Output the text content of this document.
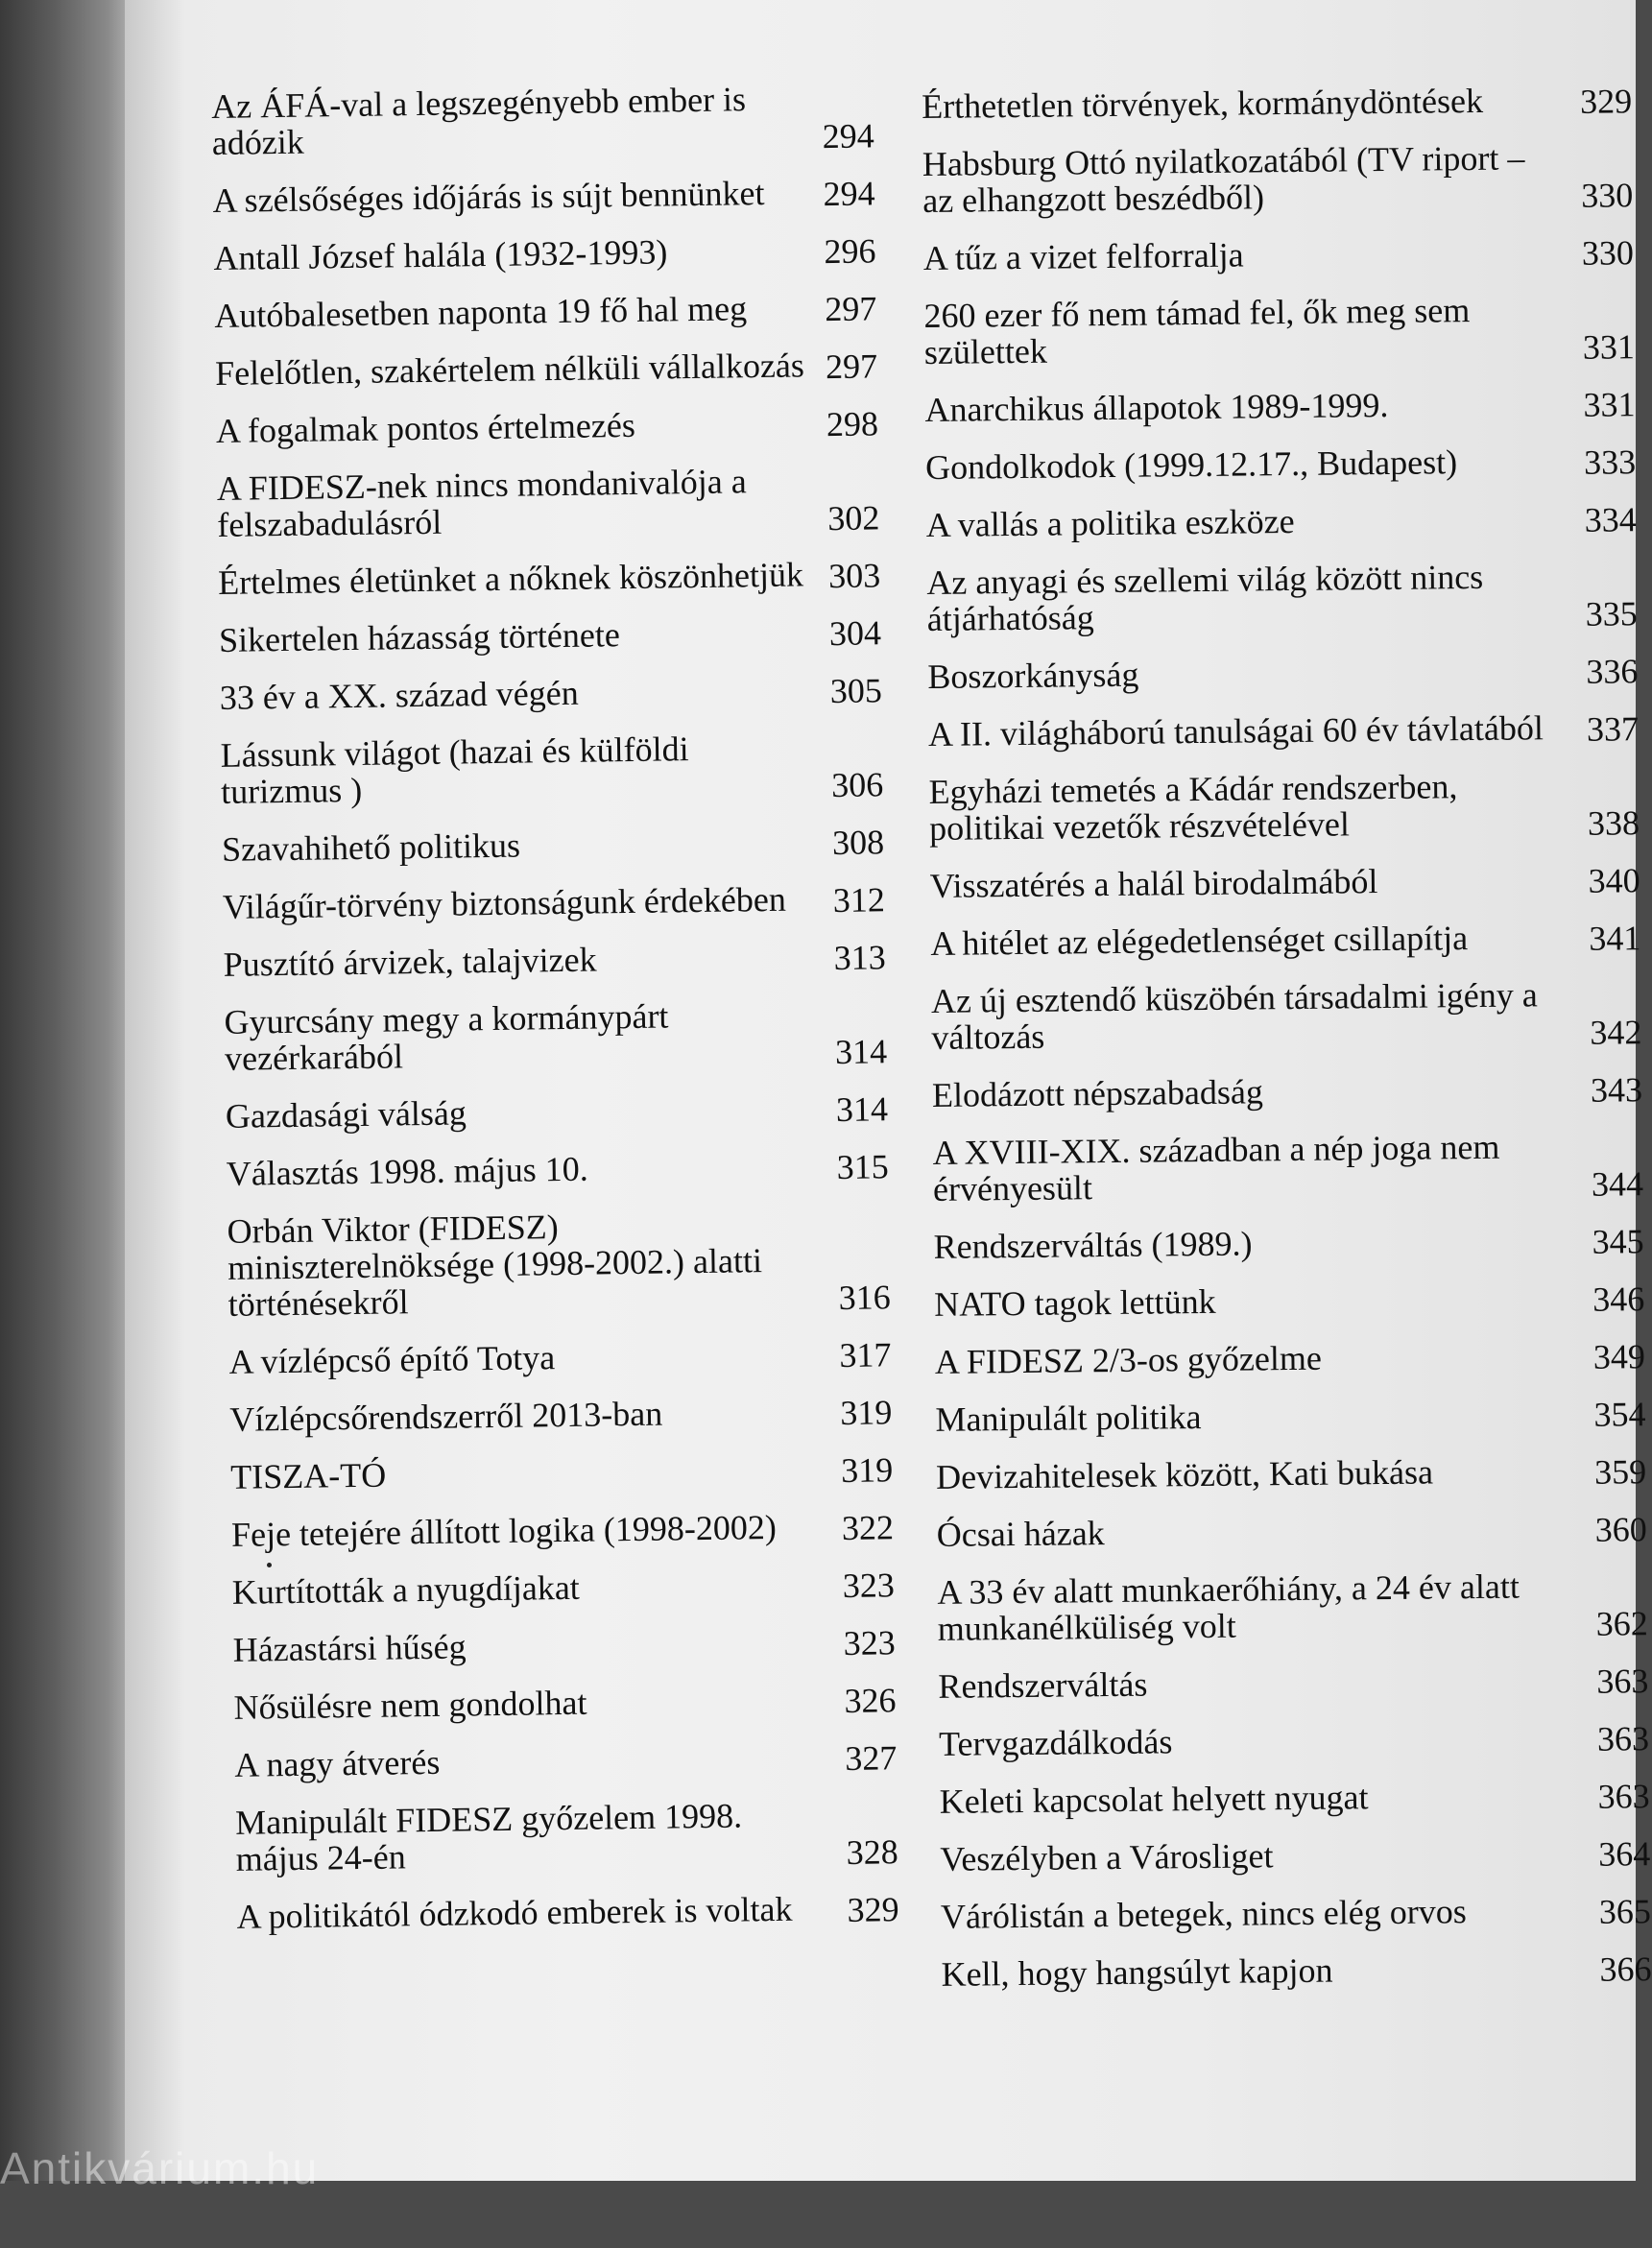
Az ÁFÁ-val a legszegényebb ember is adózik	294
A szélsőséges időjárás is sújt bennünket	294
Antall József halála (1932-1993)	296
Autóbalesetben naponta 19 fő hal meg	297
Felelőtlen, szakértelem nélküli vállalkozás 297
A fogalmak pontos értelmezés	298
A FIDESZ-nek nincs mondanivalója a felszabadulásról	302
Értelmes életünket a nőknek köszönhetjük 303
Sikertelen házasság története	304
33 év a XX. század végén	305
Lássunk világot (hazai és külföldi turizmus )	306
Szavahihető politikus	308
Világűr-törvény biztonságunk érdekében	312
Pusztító árvizek, talajvizek	313
Gyurcsány megy a kormánypárt vezérkarából	314
Gazdasági válság	314
Választás 1998. május 10.	315
Orbán Viktor (FIDESZ) miniszterelnöksége (1998-2002.) alatti történésekről	316
A vízlépcső építő Totya	317
Vízlépcsőrendszerről 2013-ban	319
TISZA-TÓ	319
Feje tetejére állított logika (1998-2002)	322
Kurtították a nyugdíjakat	323
Házastársi hűség	323
Nősülésre nem gondolhat	326
A nagy átverés	327
Manipulált FIDESZ győzelem 1998. május 24-én	328
A politikától ódzkodó emberek is voltak	329
Érthetetlen törvények, kormánydöntések	329
Habsburg Ottó nyilatkozatából (TV riport – az elhangzott beszédből)	330
A tűz a vizet felforralja	330
260 ezer fő nem támad fel, ők meg sem születtek	331
Anarchikus állapotok 1989-1999.	331
Gondolkodok (1999.12.17., Budapest)	333
A vallás a politika eszköze	334
Az anyagi és szellemi világ között nincs átjárhatóság	335
Boszorkányság	336
A II. világháború tanulságai 60 év távlatából	337
Egyházi temetés a Kádár rendszerben, politikai vezetők részvételével	338
Visszatérés a halál birodalmából	340
A hitélet az elégedetlenséget csillapítja	341
Az új esztendő küszöbén társadalmi igény a változás	342
Elodázott népszabadság	343
A XVIII-XIX. században a nép joga nem érvényesült	344
Rendszerváltás (1989.)	345
NATO tagok lettünk	346
A FIDESZ 2/3-os győzelme	349
Manipulált politika	354
Devizahitelesek között, Kati bukása	359
Ócsai házak	360
A 33 év alatt munkaerőhiány, a 24 év alatt munkanélküliség volt	362
Rendszerváltás	363
Tervgazdálkodás	363
Keleti kapcsolat helyett nyugat	363
Veszélyben a Városliget	364
Várólistán a betegek, nincs elég orvos	365
Kell, hogy hangsúlyt kapjon	366
Antikvárium.hu
